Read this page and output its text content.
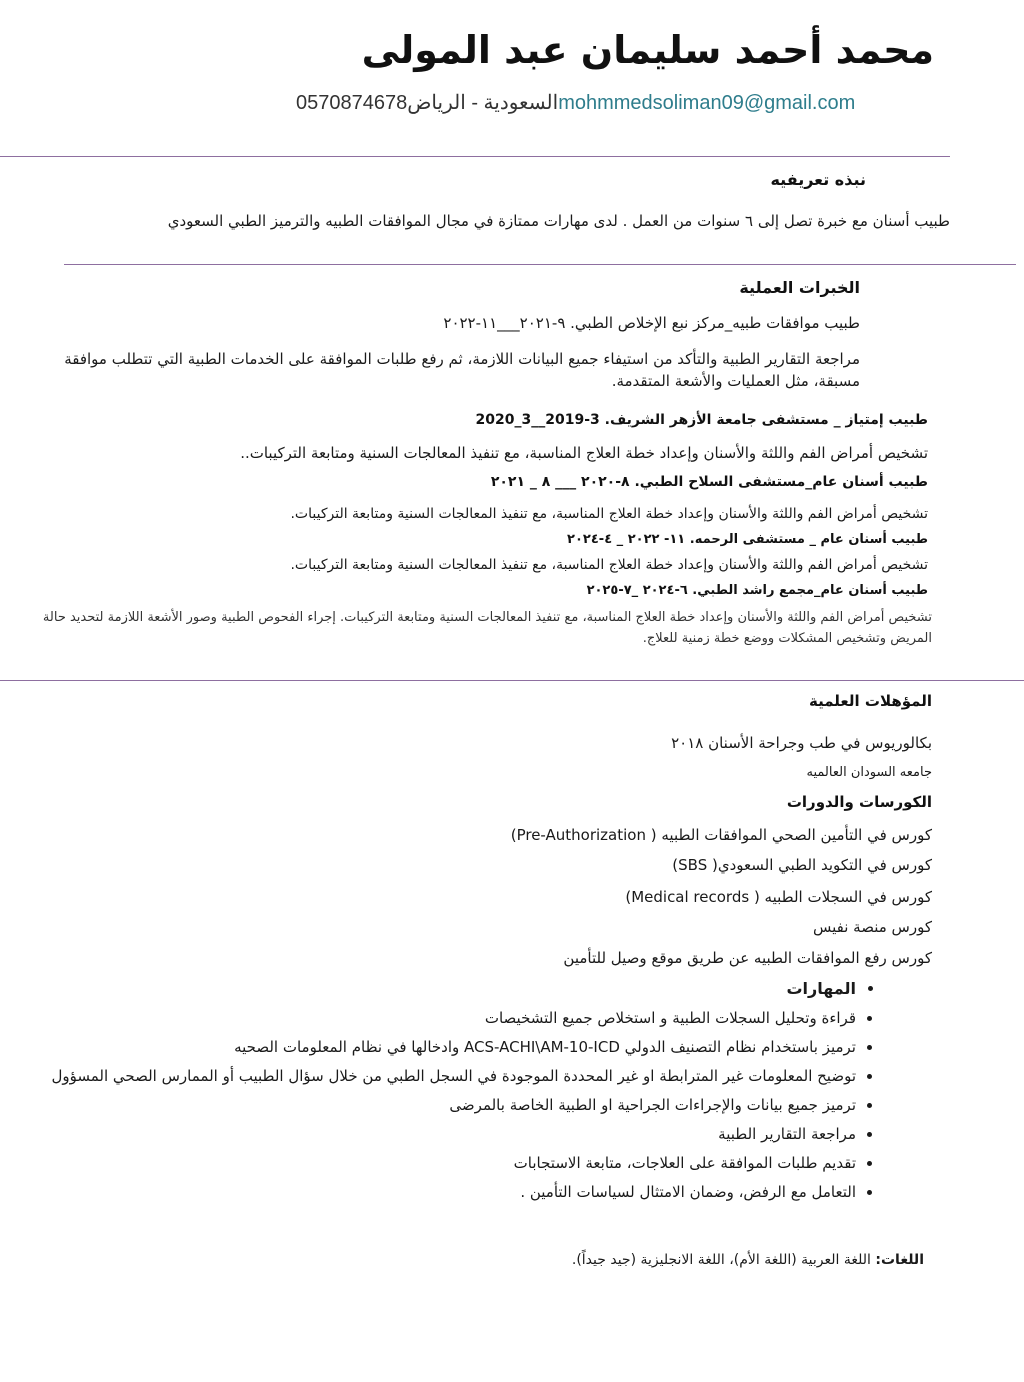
محمد أحمد سليمان عبد المولى
0570874678السعودية - الرياضmohmmedsoliman09@gmail.com
نبذه تعريفيه
طبيب أسنان مع خبرة تصل إلى ٦ سنوات من العمل . لدى مهارات ممتازة في مجال الموافقات الطبيه والترميز الطبي السعودي
الخبرات العملية
طبيب موافقات طبيه_مركز نبع الإخلاص الطبي. ٩-٢٠٢١___١١-٢٠٢٢
مراجعة التقارير الطبية والتأكد من استيفاء جميع البيانات اللازمة، ثم رفع طلبات الموافقة على الخدمات الطبية التي تتطلب موافقة مسبقة، مثل العمليات والأشعة المتقدمة.
طبيب إمتياز _ مستشفى جامعة الأزهر الشريف. 3-2019__3_2020
تشخيص أمراض الفم واللثة والأسنان وإعداد خطة العلاج المناسبة، مع تنفيذ المعالجات السنية ومتابعة التركيبات..
طبيب أسنان عام_مستشفى السلاح الطبي. ٨-٢٠٢٠ ___ ٨ _ ٢٠٢١
تشخيص أمراض الفم واللثة والأسنان وإعداد خطة العلاج المناسبة، مع تنفيذ المعالجات السنية ومتابعة التركيبات.
طبيب أسنان عام _ مستشفى الرحمه. ١١- ٢٠٢٢ _ ٤-٢٠٢٤
تشخيص أمراض الفم واللثة والأسنان وإعداد خطة العلاج المناسبة، مع تنفيذ المعالجات السنية ومتابعة التركيبات.
طبيب أسنان عام_مجمع راشد الطبي. ٦-٢٠٢٤ _٧-٢٠٢٥
تشخيص أمراض الفم واللثة والأسنان وإعداد خطة العلاج المناسبة، مع تنفيذ المعالجات السنية ومتابعة التركيبات. إجراء الفحوص الطبية وصور الأشعة اللازمة لتحديد حالة المريض وتشخيص المشكلات ووضع خطة زمنية للعلاج.
المؤهلات العلمية
بكالوريوس في طب وجراحة الأسنان ٢٠١٨
جامعه السودان العالميه
الكورسات والدورات
كورس في التأمين الصحي الموافقات الطبيه ( Pre-Authorization)
كورس في التكويد الطبي السعودي( SBS)
كورس في السجلات الطبيه ( Medical records)
كورس منصة نفيس
كورس رفع الموافقات الطبيه عن طريق موقع وصيل للتأمين
• المهارات
• قراءة وتحليل السجلات الطبية و استخلاص جميع التشخيصات
• ترميز باستخدام نظام التصنيف الدولي ACS-ACHI\AM-10-ICD وادخالها في نظام المعلومات الصحيه
• توضيح المعلومات غير المترابطة او غير المحددة الموجودة في السجل الطبي من خلال سؤال الطبيب أو الممارس الصحي المسؤول
• ترميز جميع بيانات والإجراءات الجراحية او الطبية الخاصة بالمرضى
• مراجعة التقارير الطبية
• تقديم طلبات الموافقة على العلاجات، متابعة الاستجابات
• التعامل مع الرفض، وضمان الامتثال لسياسات التأمين .
اللغات: اللغة العربية (اللغة الأم)، اللغة الانجليزية (جيد جيداً).
